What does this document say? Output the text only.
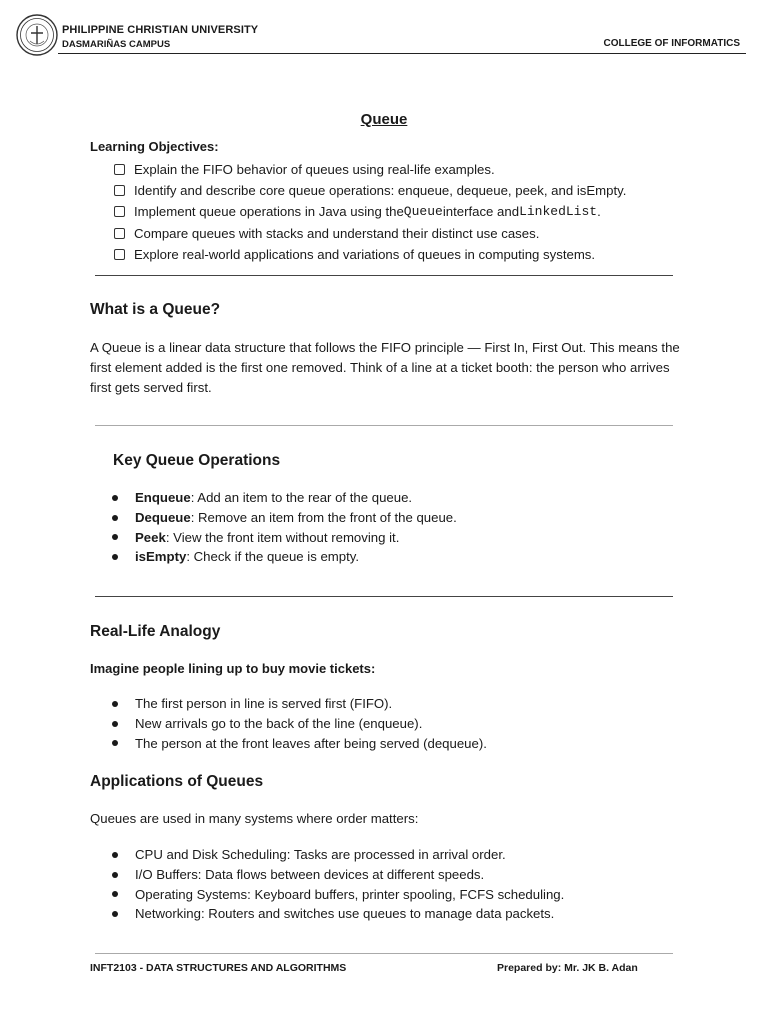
PHILIPPINE CHRISTIAN UNIVERSITY
DASMARIÑAS CAMPUS	COLLEGE OF INFORMATICS
Queue
Learning Objectives:
Explain the FIFO behavior of queues using real-life examples.
Identify and describe core queue operations: enqueue, dequeue, peek, and isEmpty.
Implement queue operations in Java using the Queue interface and LinkedList .
Compare queues with stacks and understand their distinct use cases.
Explore real-world applications and variations of queues in computing systems.
What is a Queue?

A Queue is a linear data structure that follows the FIFO principle — First In, First Out. This means the first element added is the first one removed. Think of a line at a ticket booth: the person who arrives first gets served first.

Key Queue Operations
Enqueue : Add an item to the rear of the queue.
Dequeue : Remove an item from the front of the queue.
Peek : View the front item without removing it.
isEmpty : Check if the queue is empty.
Real-Life Analogy
Imagine people lining up to buy movie tickets:
The first person in line is served first (FIFO).
New arrivals go to the back of the line (enqueue).
The person at the front leaves after being served (dequeue).
Applications of Queues
Queues are used in many systems where order matters:
CPU and Disk Scheduling: Tasks are processed in arrival order.
I/O Buffers: Data flows between devices at different speeds.
Operating Systems: Keyboard buffers, printer spooling, FCFS scheduling.
Networking: Routers and switches use queues to manage data packets.
INFT2103 - DATA STRUCTURES AND ALGORITHMS	Prepared by: Mr. JK B. Adan
